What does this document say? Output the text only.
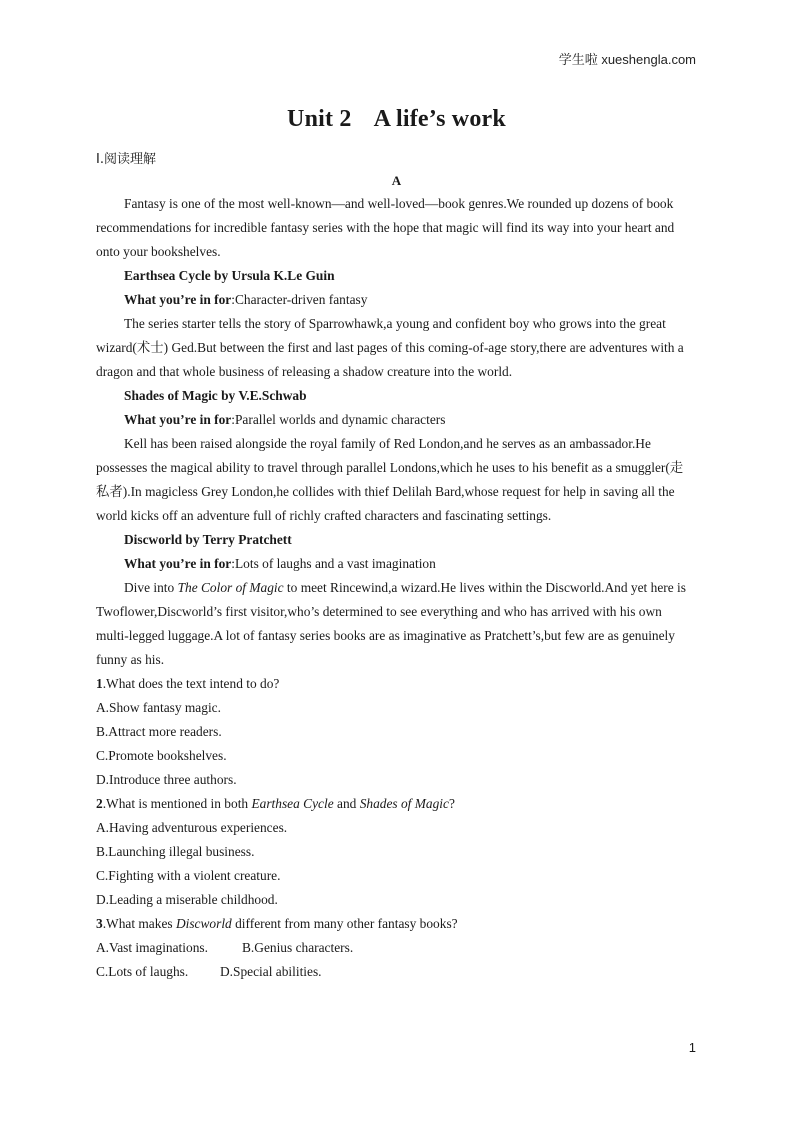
学生啦 xueshengla.com
Unit 2 A life’s work
Ⅰ.阅读理解
A

Fantasy is one of the most well-known—and well-loved—book genres.We rounded up dozens of book recommendations for incredible fantasy series with the hope that magic will find its way into your heart and onto your bookshelves.

Earthsea Cycle by Ursula K.Le Guin

What you’re in for:Character-driven fantasy

The series starter tells the story of Sparrowhawk,a young and confident boy who grows into the great wizard(术士) Ged.But between the first and last pages of this coming-of-age story,there are adventures with a dragon and that whole business of releasing a shadow creature into the world.

Shades of Magic by V.E.Schwab

What you’re in for:Parallel worlds and dynamic characters

Kell has been raised alongside the royal family of Red London,and he serves as an ambassador.He possesses the magical ability to travel through parallel Londons,which he uses to his benefit as a smuggler(走私者).In magicless Grey London,he collides with thief Delilah Bard,whose request for help in saving all the world kicks off an adventure full of richly crafted characters and fascinating settings.

Discworld by Terry Pratchett

What you’re in for:Lots of laughs and a vast imagination

Dive into The Color of Magic to meet Rincewind,a wizard.He lives within the Discworld.And yet here is Twoflower,Discworld’s first visitor,who’s determined to see everything and who has arrived with his own multi-legged luggage.A lot of fantasy series books are as imaginative as Pratchett’s,but few are as genuinely funny as his.

1.What does the text intend to do?

A.Show fantasy magic.

B.Attract more readers.

C.Promote bookshelves.

D.Introduce three authors.

2.What is mentioned in both Earthsea Cycle and Shades of Magic?

A.Having adventurous experiences.

B.Launching illegal business.

C.Fighting with a violent creature.

D.Leading a miserable childhood.

3.What makes Discworld different from many other fantasy books?

A.Vast imaginations.	B.Genius characters.

C.Lots of laughs. D.Special abilities.

1
